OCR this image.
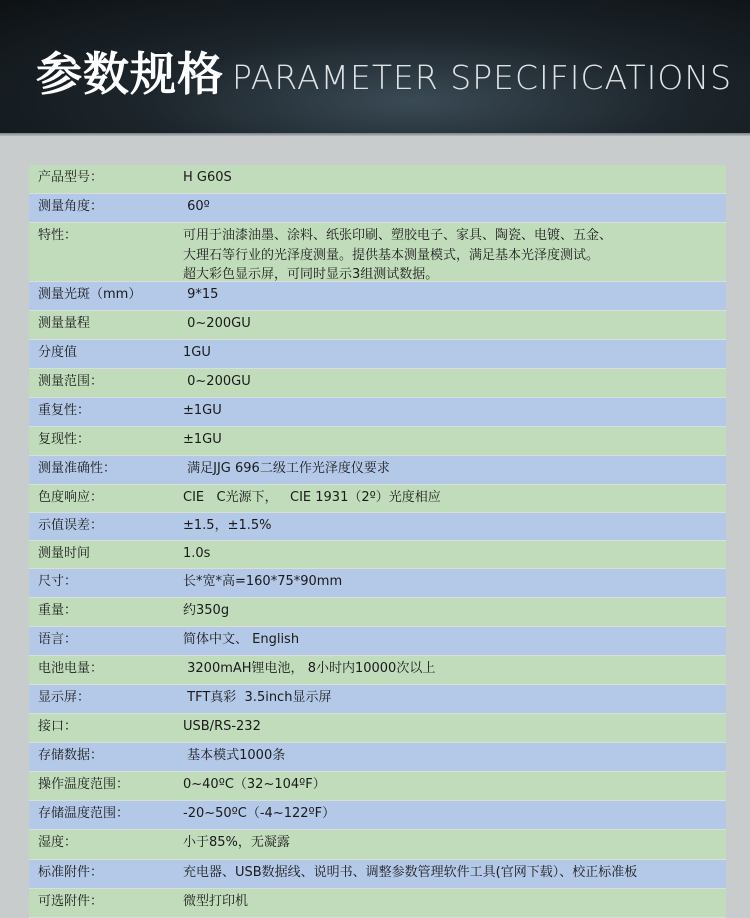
参数规格 PARAMETER SPECIFICATIONS
产品型号：	H G60S
测量角度：	60º
特性：	可用于油漆油墨、涂料、纸张印刷、塑胶电子、家具、陶瓷、电镀、五金、
大理石等行业的光泽度测量。提供基本测量模式，满足基本光泽度测试。
超大彩色显示屏，可同时显示3组测试数据。
测量光斑（mm）	9*15
测量量程	0~200GU
分度值	1GU
测量范围：	0~200GU
重复性：	±1GU
复现性：	±1GU
测量准确性：	满足JJG 696二级工作光泽度仪要求
色度响应：	CIE   C光源下，   CIE 1931（2º）光度相应
示值误差：	±1.5，±1.5%
测量时间	1.0s
尺寸：	长*宽*高=160*75*90mm
重量：	约350g
语言：	简体中文、 English
电池电量：	3200mAH锂电池， 8小时内10000次以上
显示屏：	TFT真彩  3.5inch显示屏
接口：	USB/RS-232
存储数据：	基本模式1000条
操作温度范围：	0~40ºC（32~104ºF）
存储温度范围：	-20~50ºC（-4~122ºF）
湿度：	小于85%，无凝露
标准附件：	充电器、USB数据线、说明书、调整参数管理软件工具(官网下载）、校正标准板
可选附件：	微型打印机
